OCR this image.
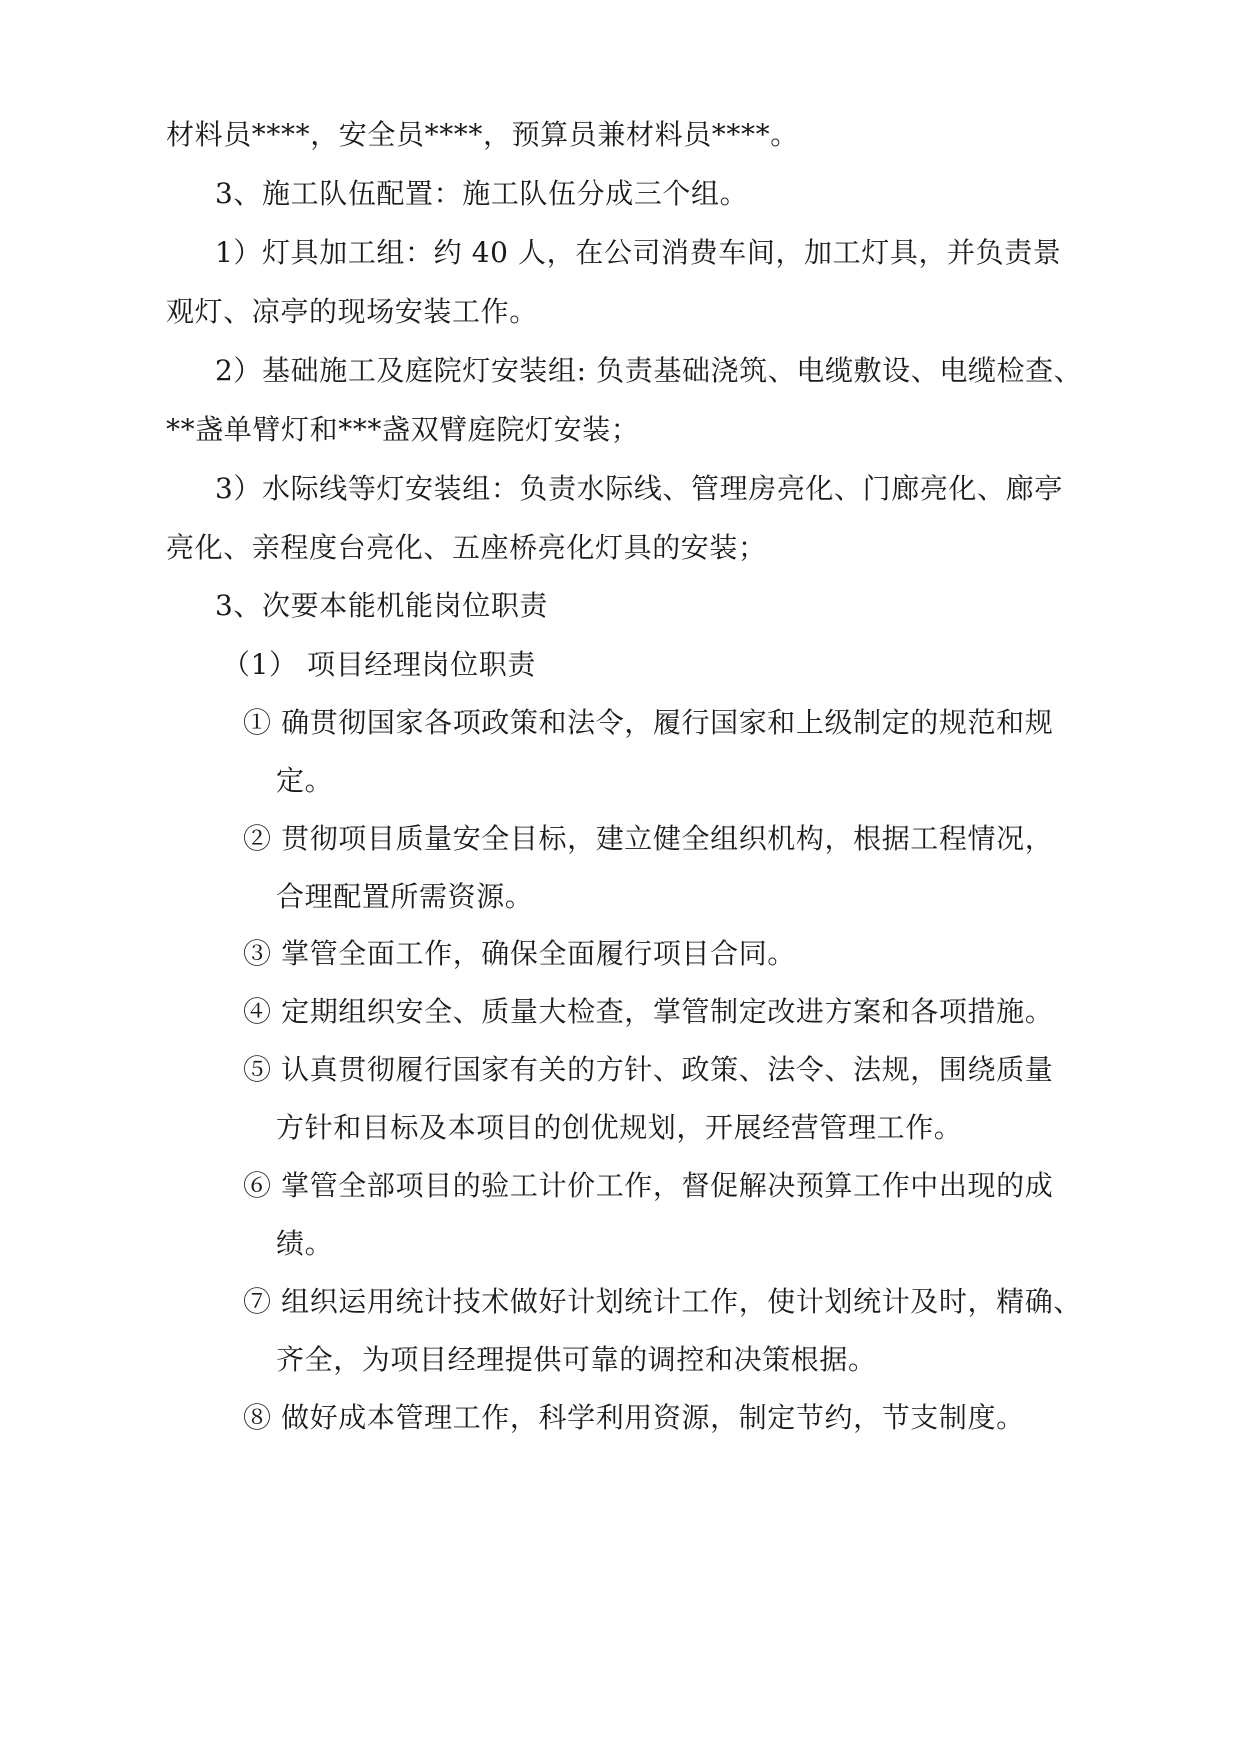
材料员****，安全员****，预算员兼材料员****。
3、施工队伍配置：施工队伍分成三个组。
1）灯具加工组：约 40 人，在公司消费车间，加工灯具，并负责景
观灯、凉亭的现场安装工作。
2）基础施工及庭院灯安装组: 负责基础浇筑、电缆敷设、电缆检查、
**盏单臂灯和***盏双臂庭院灯安装；
3）水际线等灯安装组：负责水际线、管理房亮化、门廊亮化、廊亭
亮化、亲程度台亮化、五座桥亮化灯具的安装；
3、次要本能机能岗位职责
（1） 项目经理岗位职责
① 确贯彻国家各项政策和法令，履行国家和上级制定的规范和规
定。
② 贯彻项目质量安全目标，建立健全组织机构，根据工程情况，
合理配置所需资源。
③ 掌管全面工作，确保全面履行项目合同。
④ 定期组织安全、质量大检查，掌管制定改进方案和各项措施。
⑤ 认真贯彻履行国家有关的方针、政策、法令、法规，围绕质量
方针和目标及本项目的创优规划，开展经营管理工作。
⑥ 掌管全部项目的验工计价工作，督促解决预算工作中出现的成
绩。
⑦ 组织运用统计技术做好计划统计工作，使计划统计及时，精确、
齐全，为项目经理提供可靠的调控和决策根据。
⑧ 做好成本管理工作，科学利用资源，制定节约，节支制度。
